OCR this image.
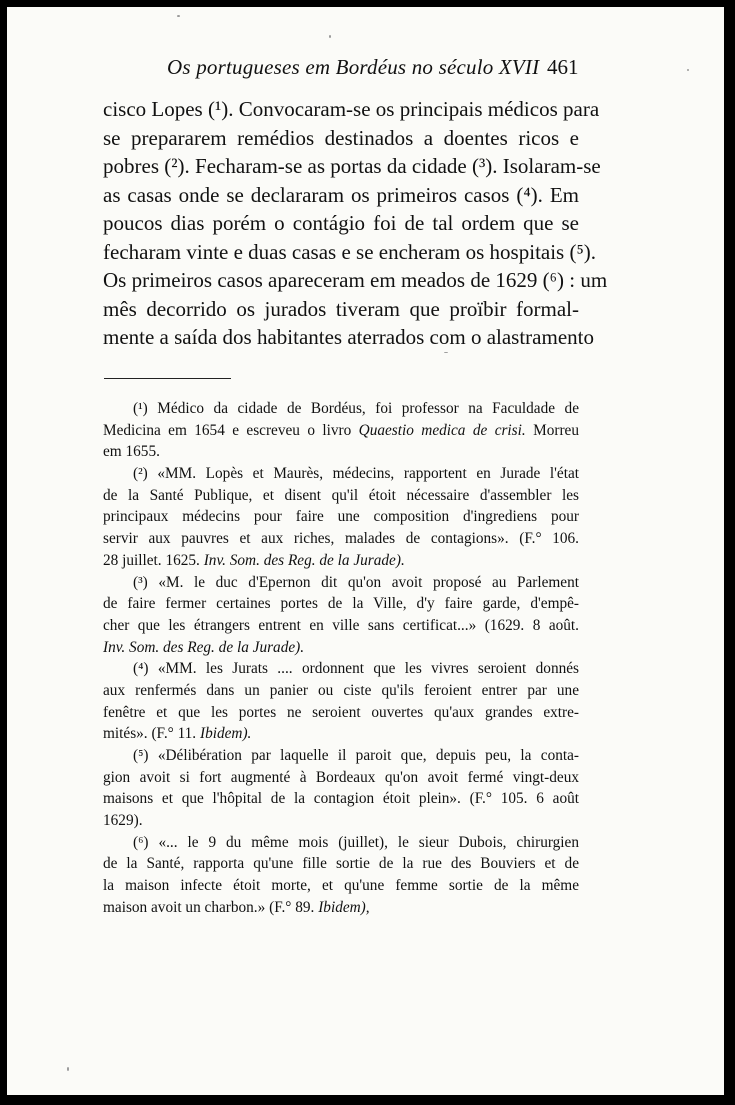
Os portugueses em Bordéus no século XVII 461
cisco Lopes (¹). Convocaram-se os principais médicos para
se prepararem remédios destinados a doentes ricos e
pobres (²). Fecharam-se as portas da cidade (³). Isolaram-se
as casas onde se declararam os primeiros casos (⁴). Em
poucos dias porém o contágio foi de tal ordem que se
fecharam vinte e duas casas e se encheram os hospitais (⁵).
Os primeiros casos apareceram em meados de 1629 (⁶) : um
mês decorrido os jurados tiveram que proïbir formal-
mente a saída dos habitantes aterrados com o alastramento
(¹) Médico da cidade de Bordéus, foi professor na Faculdade de
Medicina em 1654 e escreveu o livro Quaestio medica de crisi. Morreu
em 1655.
(²) «MM. Lopès et Maurès, médecins, rapportent en Jurade l'état
de la Santé Publique, et disent qu'il étoit nécessaire d'assembler les
principaux médecins pour faire une composition d'ingrediens pour
servir aux pauvres et aux riches, malades de contagions». (F.° 106.
28 juillet. 1625. Inv. Som. des Reg. de la Jurade).
(³) «M. le duc d'Epernon dit qu'on avoit proposé au Parlement
de faire fermer certaines portes de la Ville, d'y faire garde, d'empê-
cher que les étrangers entrent en ville sans certificat...» (1629. 8 août.
Inv. Som. des Reg. de la Jurade).
(⁴) «MM. les Jurats .... ordonnent que les vivres seroient donnés
aux renfermés dans un panier ou ciste qu'ils feroient entrer par une
fenêtre et que les portes ne seroient ouvertes qu'aux grandes extre-
mités». (F.° 11. Ibidem).
(⁵) «Délibération par laquelle il paroit que, depuis peu, la conta-
gion avoit si fort augmenté à Bordeaux qu'on avoit fermé vingt-deux
maisons et que l'hôpital de la contagion étoit plein». (F.° 105. 6 août
1629).
(⁶) «... le 9 du même mois (juillet), le sieur Dubois, chirurgien
de la Santé, rapporta qu'une fille sortie de la rue des Bouviers et de
la maison infecte étoit morte, et qu'une femme sortie de la même
maison avoit un charbon.» (F.° 89. Ibidem),
